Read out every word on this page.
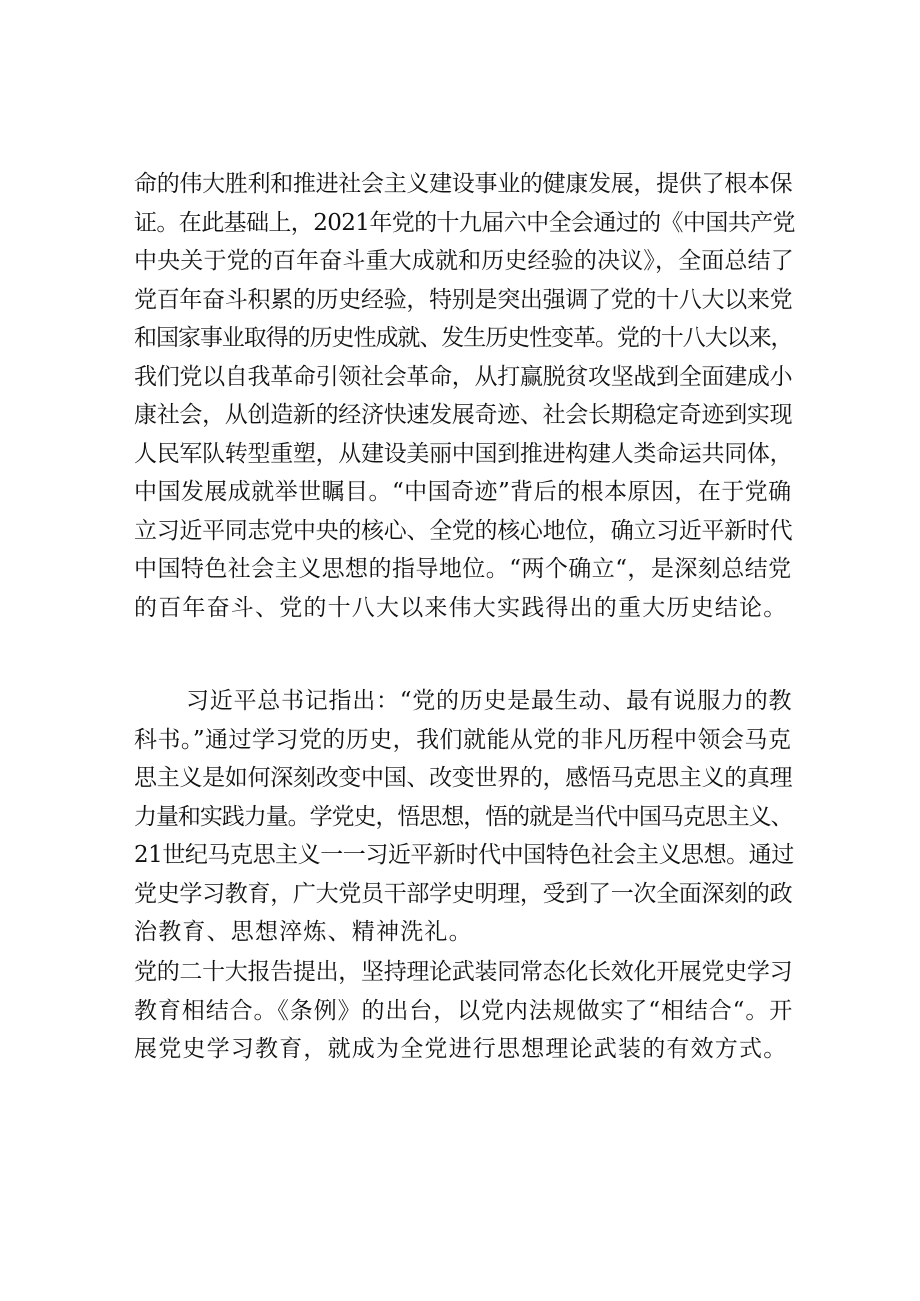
命的伟大胜利和推进社会主义建设事业的健康发展，提供了根本保
证。在此基础上，2021年党的十九届六中全会通过的《中国共产党
中央关于党的百年奋斗重大成就和历史经验的决议》，全面总结了
党百年奋斗积累的历史经验，特别是突出强调了党的十八大以来党
和国家事业取得的历史性成就、发生历史性变革。党的十八大以来，
我们党以自我革命引领社会革命，从打赢脱贫攻坚战到全面建成小
康社会，从创造新的经济快速发展奇迹、社会长期稳定奇迹到实现
人民军队转型重塑，从建设美丽中国到推进构建人类命运共同体，
中国发展成就举世瞩目。“中国奇迹”背后的根本原因，在于党确
立习近平同志党中央的核心、全党的核心地位，确立习近平新时代
中国特色社会主义思想的指导地位。“两个确立“，是深刻总结党
的百年奋斗、党的十八大以来伟大实践得出的重大历史结论。
习近平总书记指出：“党的历史是最生动、最有说服力的教
科书。”通过学习党的历史，我们就能从党的非凡历程中领会马克
思主义是如何深刻改变中国、改变世界的，感悟马克思主义的真理
力量和实践力量。学党史，悟思想，悟的就是当代中国马克思主义、
21世纪马克思主义一一习近平新时代中国特色社会主义思想。通过
党史学习教育，广大党员干部学史明理，受到了一次全面深刻的政
治教育、思想淬炼、精神洗礼。
党的二十大报告提出，坚持理论武装同常态化长效化开展党史学习
教育相结合。《条例》的出台，以党内法规做实了“相结合“。开
展党史学习教育，就成为全党进行思想理论武装的有效方式。
